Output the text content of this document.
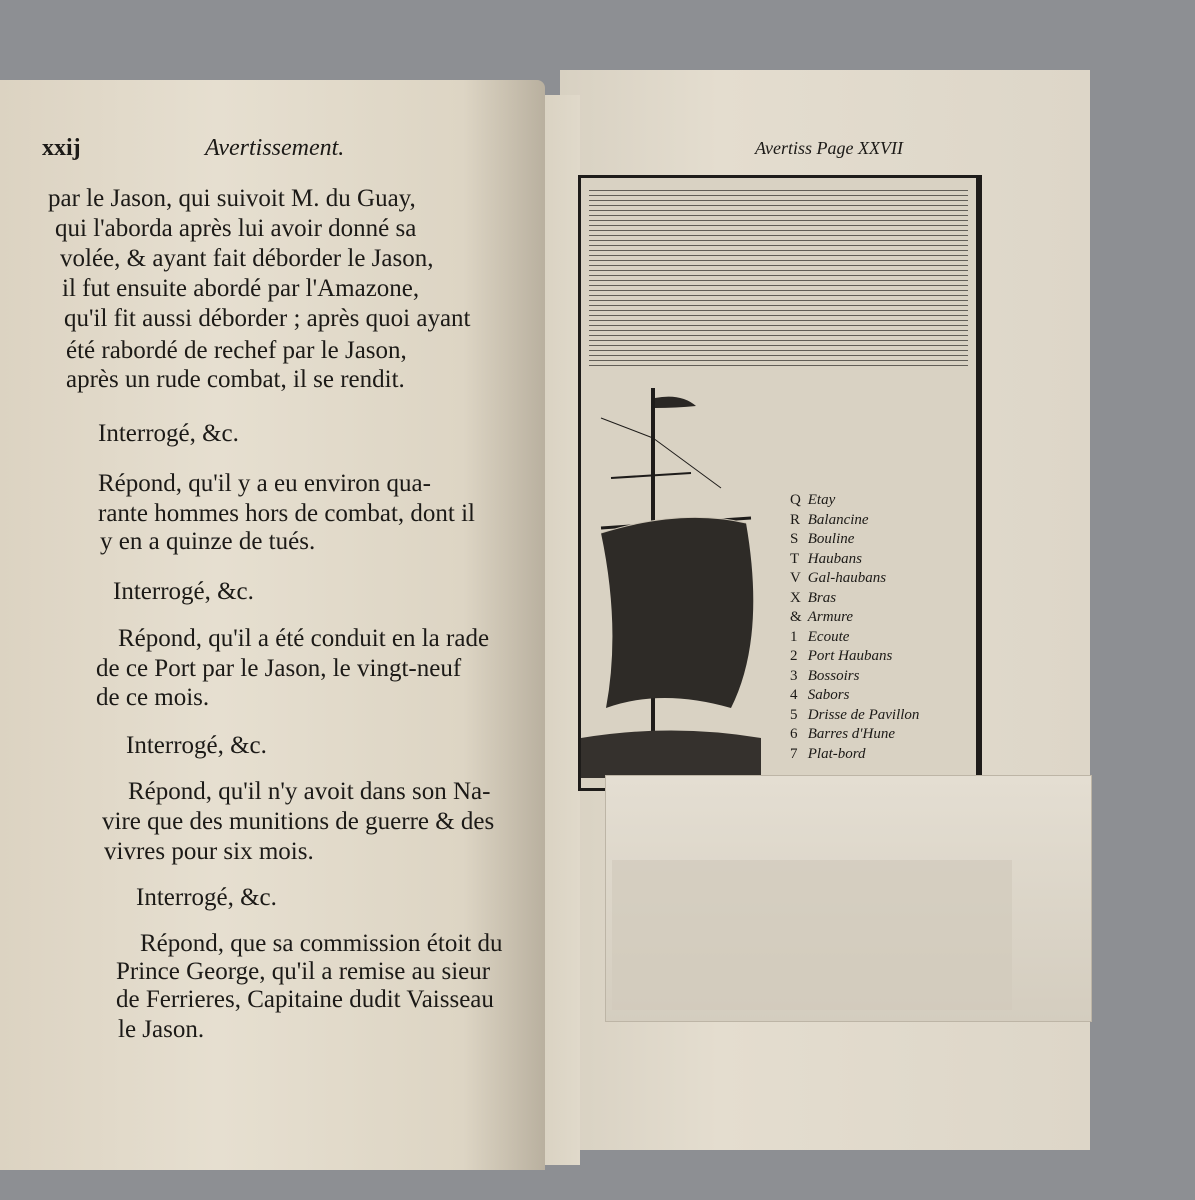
xxij	Avertissement.
par le Jason, qui suivoit M. du Guay,
qui l'aborda après lui avoir donné sa
volée, & ayant fait déborder le Jason,
il fut ensuite abordé par l'Amazone,
qu'il fit aussi déborder ; après quoi ayant
été rabordé de rechef par le Jason,
après un rude combat, il se rendit.
Interrogé, &c.
Répond, qu'il y a eu environ qua-
rante hommes hors de combat, dont il
y en a quinze de tués.
Interrogé, &c.
Répond, qu'il a été conduit en la rade
de ce Port par le Jason, le vingt-neuf
de ce mois.
Interrogé, &c.
Répond, qu'il n'y avoit dans son Na-
vire que des munitions de guerre & des
vivres pour six mois.
Interrogé, &c.
Répond, que sa commission étoit du
Prince George, qu'il a remise au sieur
de Ferrieres, Capitaine dudit Vaisseau
le Jason.
Avertiss Page XXVII
Q Etay
R Balancine
S Bouline
T Haubans
V Gal-haubans
X Bras
& Armure
1 Ecoute
2 Port Haubans
3 Bossoirs
4 Sabors
5 Drisse de Pavillon
6 Barres d'Hune
7 Plat-bord
